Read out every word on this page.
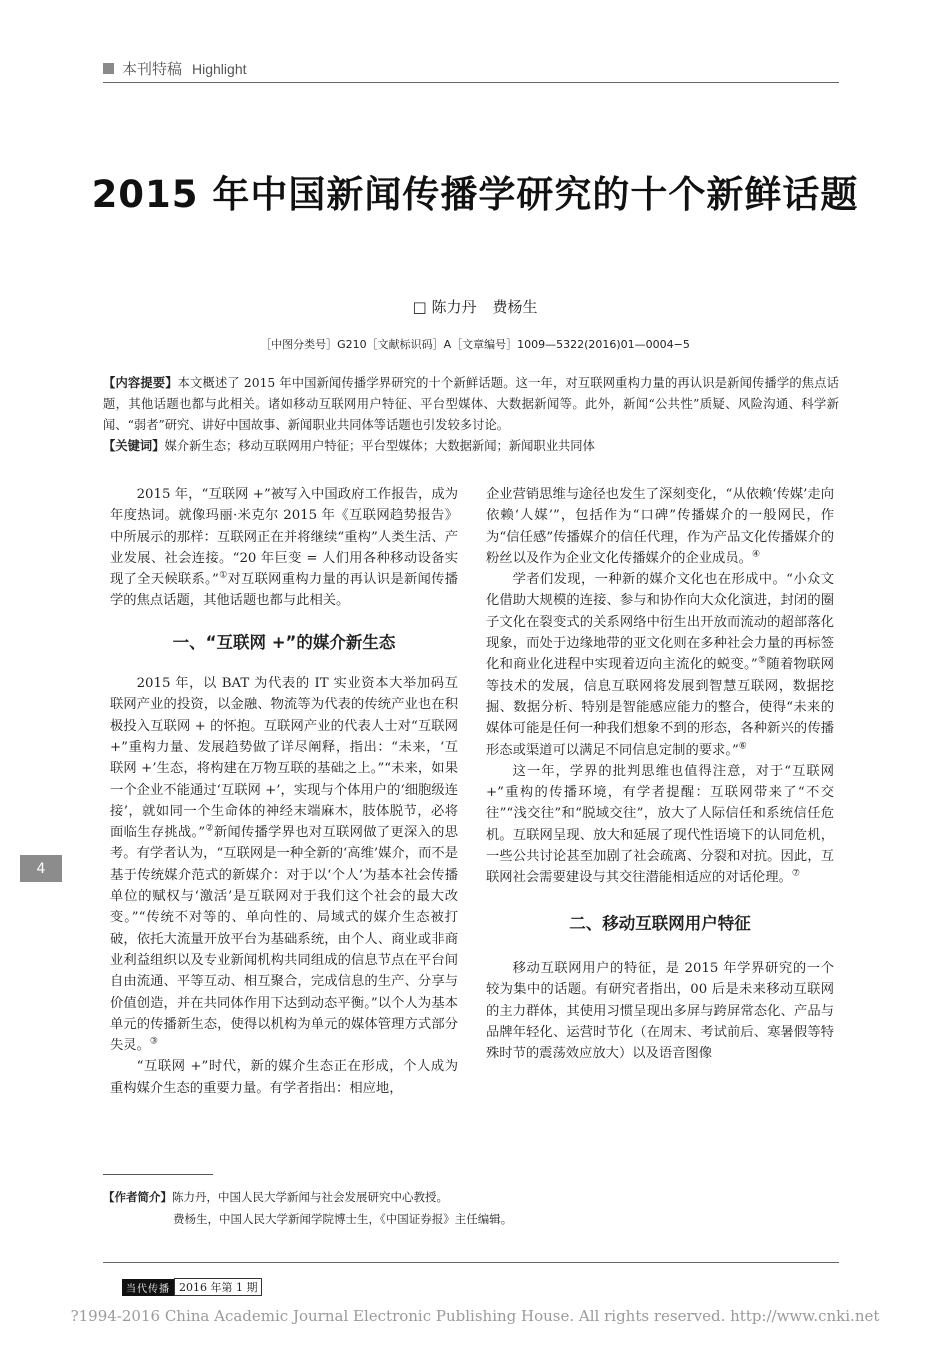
本刊特稿 Highlight
2015 年中国新闻传播学研究的十个新鲜话题
□ 陈力丹 费杨生
［中图分类号］G210［文献标识码］A［文章编号］1009—5322(2016)01—0004−5

【内容提要】本文概述了 2015 年中国新闻传播学界研究的十个新鲜话题。这一年，对互联网重构力量的再认识是新闻传播学的焦点话题，其他话题也都与此相关。诸如移动互联网用户特征、平台型媒体、大数据新闻等。此外，新闻“公共性”质疑、风险沟通、科学新闻、“弱者”研究、讲好中国故事、新闻职业共同体等话题也引发较多讨论。

【关键词】媒介新生态；移动互联网用户特征；平台型媒体；大数据新闻；新闻职业共同体

2015 年，“互联网 +”被写入中国政府工作报告，成为年度热词。就像玛丽·米克尔 2015 年《互联网趋势报告》中所展示的那样：互联网正在并将继续“重构”人类生活、产业发展、社会连接。“20 年巨变 = 人们用各种移动设备实现了全天候联系。”①对互联网重构力量的再认识是新闻传播学的焦点话题，其他话题也都与此相关。

一、“互联网 +”的媒介新生态

2015 年，以 BAT 为代表的 IT 实业资本大举加码互联网产业的投资，以金融、物流等为代表的传统产业也在积极投入互联网 + 的怀抱。互联网产业的代表人士对“互联网 +”重构力量、发展趋势做了详尽阐释，指出：“未来，‘互联网 +’生态，将构建在万物互联的基础之上。”“未来，如果一个企业不能通过‘互联网 +’，实现与个体用户的‘细胞级连接’，就如同一个生命体的神经末端麻木，肢体脱节，必将面临生存挑战。”②新闻传播学界也对互联网做了更深入的思考。有学者认为，“互联网是一种全新的‘高维’媒介，而不是基于传统媒介范式的新媒介：对于以‘个人’为基本社会传播单位的赋权与‘激活’是互联网对于我们这个社会的最大改变。”“传统不对等的、单向性的、局域式的媒介生态被打破，依托大流量开放平台为基础系统，由个人、商业或非商业利益组织以及专业新闻机构共同组成的信息节点在平台间自由流通、平等互动、相互聚合，完成信息的生产、分享与价值创造，并在共同体作用下达到动态平衡。”以个人为基本单元的传播新生态，使得以机构为单元的媒体管理方式部分失灵。③

“互联网 +”时代，新的媒介生态正在形成，个人成为重构媒介生态的重要力量。有学者指出：相应地，

企业营销思维与途径也发生了深刻变化，“从依赖‘传媒’走向依赖‘人媒’”，包括作为“口碑”传播媒介的一般网民，作为“信任感”传播媒介的信任代理，作为产品文化传播媒介的粉丝以及作为企业文化传播媒介的企业成员。④

学者们发现，一种新的媒介文化也在形成中。“小众文化借助大规模的连接、参与和协作向大众化演进，封闭的圈子文化在裂变式的关系网络中衍生出开放而流动的超部落化现象，而处于边缘地带的亚文化则在多种社会力量的再标签化和商业化进程中实现着迈向主流化的蜕变。”⑤随着物联网等技术的发展，信息互联网将发展到智慧互联网，数据挖掘、数据分析、特别是智能感应能力的整合，使得“未来的媒体可能是任何一种我们想象不到的形态，各种新兴的传播形态或渠道可以满足不同信息定制的要求。”⑥

这一年，学界的批判思维也值得注意，对于“互联网 +”重构的传播环境，有学者提醒：互联网带来了“不交往”“浅交往”和“脱域交往”，放大了人际信任和系统信任危机。互联网呈现、放大和延展了现代性语境下的认同危机，一些公共讨论甚至加剧了社会疏离、分裂和对抗。因此，互联网社会需要建设与其交往潜能相适应的对话伦理。⑦

二、移动互联网用户特征

移动互联网用户的特征，是 2015 年学界研究的一个较为集中的话题。有研究者指出，00 后是未来移动互联网的主力群体，其使用习惯呈现出多屏与跨屏常态化、产品与品牌年轻化、运营时节化（在周末、考试前后、寒暑假等特殊时节的震荡效应放大）以及语音图像

4
【作者简介】陈力丹，中国人民大学新闻与社会发展研究中心教授。
费杨生，中国人民大学新闻学院博士生，《中国证券报》主任编辑。
当代传播 2016 年第 1 期
?1994-2016 China Academic Journal Electronic Publishing House. All rights reserved. http://www.cnki.net
